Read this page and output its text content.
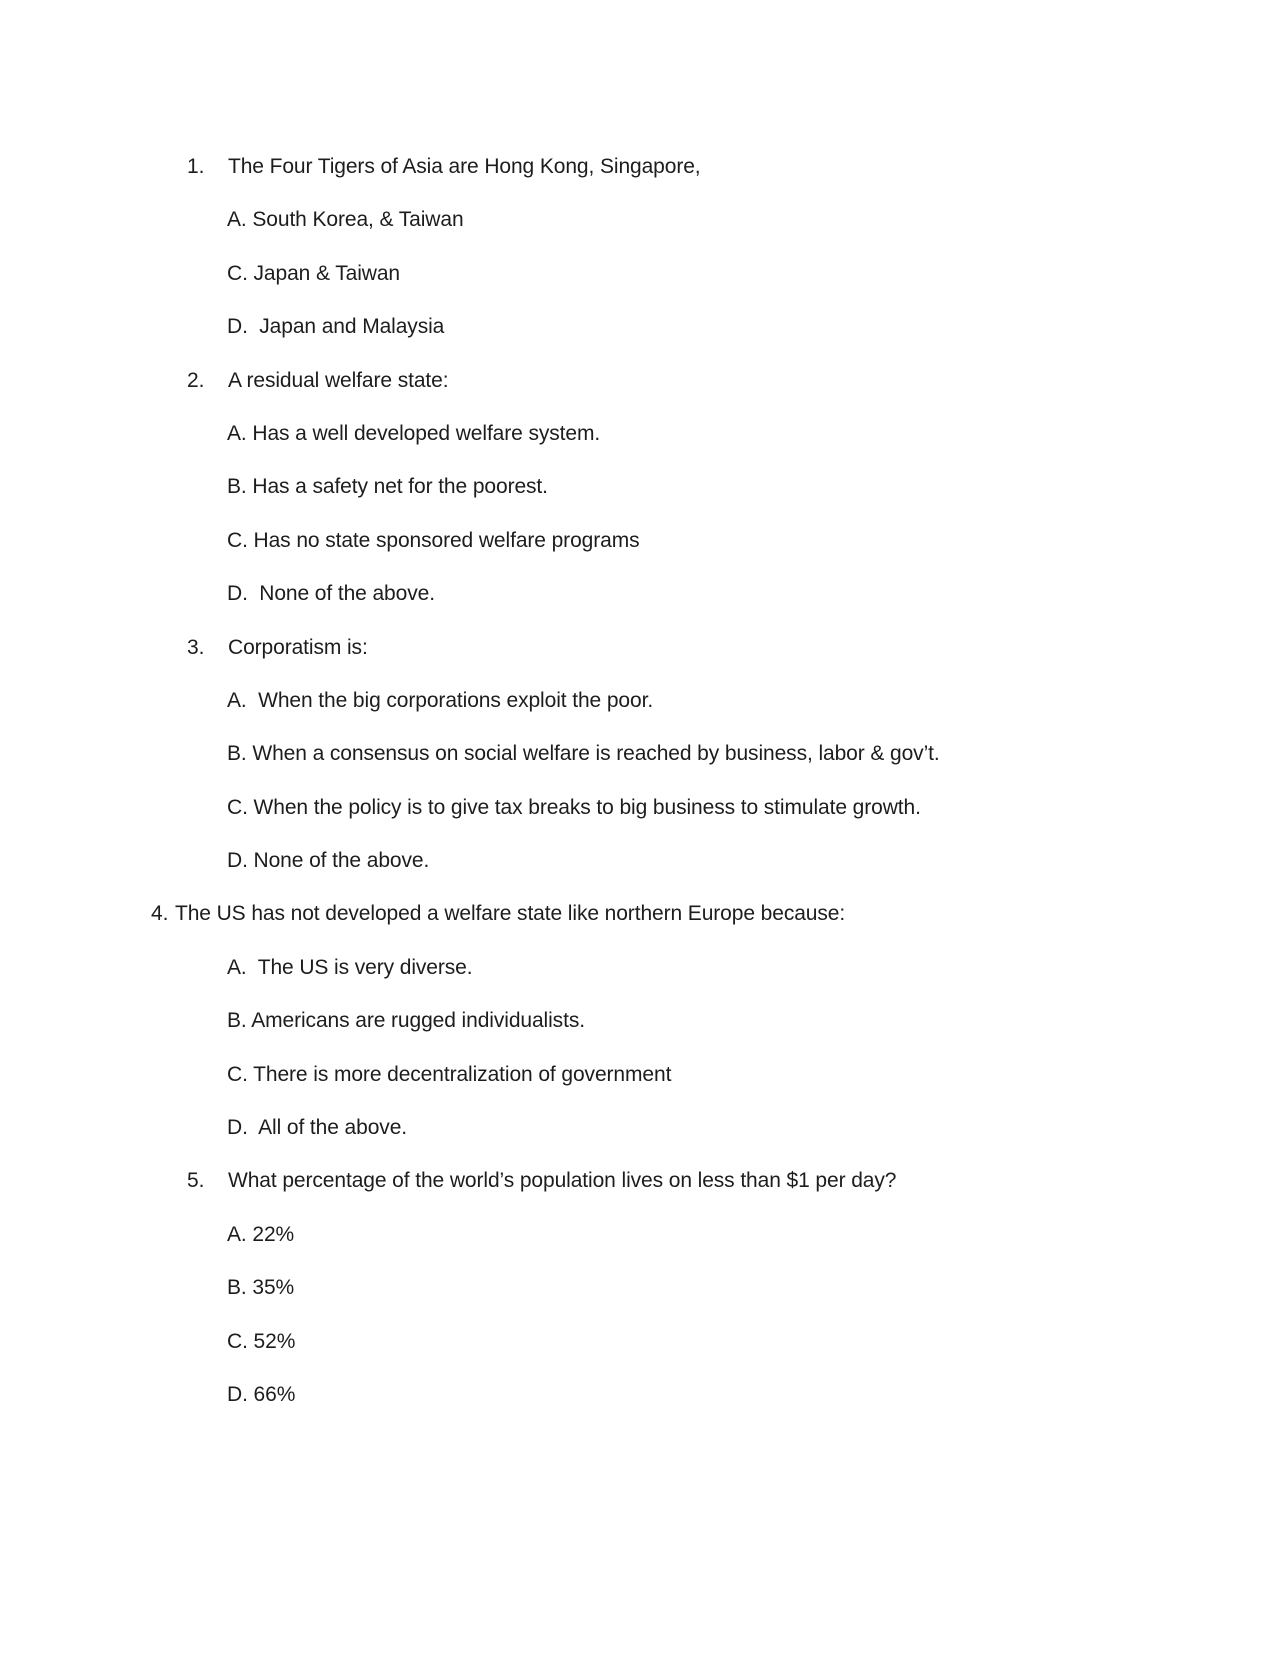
1. The Four Tigers of Asia are Hong Kong, Singapore,
A. South Korea, & Taiwan
C. Japan & Taiwan
D.  Japan and Malaysia
2. A residual welfare state:
A. Has a well developed welfare system.
B. Has a safety net for the poorest.
C. Has no state sponsored welfare programs
D.  None of the above.
3. Corporatism is:
A.  When the big corporations exploit the poor.
B. When a consensus on social welfare is reached by business, labor & gov’t.
C. When the policy is to give tax breaks to big business to stimulate growth.
D. None of the above.
4. The US has not developed a welfare state like northern Europe because:
A.  The US is very diverse.
B. Americans are rugged individualists.
C. There is more decentralization of government
D.  All of the above.
5. What percentage of the world’s population lives on less than $1 per day?
A. 22%
B. 35%
C. 52%
D. 66%
